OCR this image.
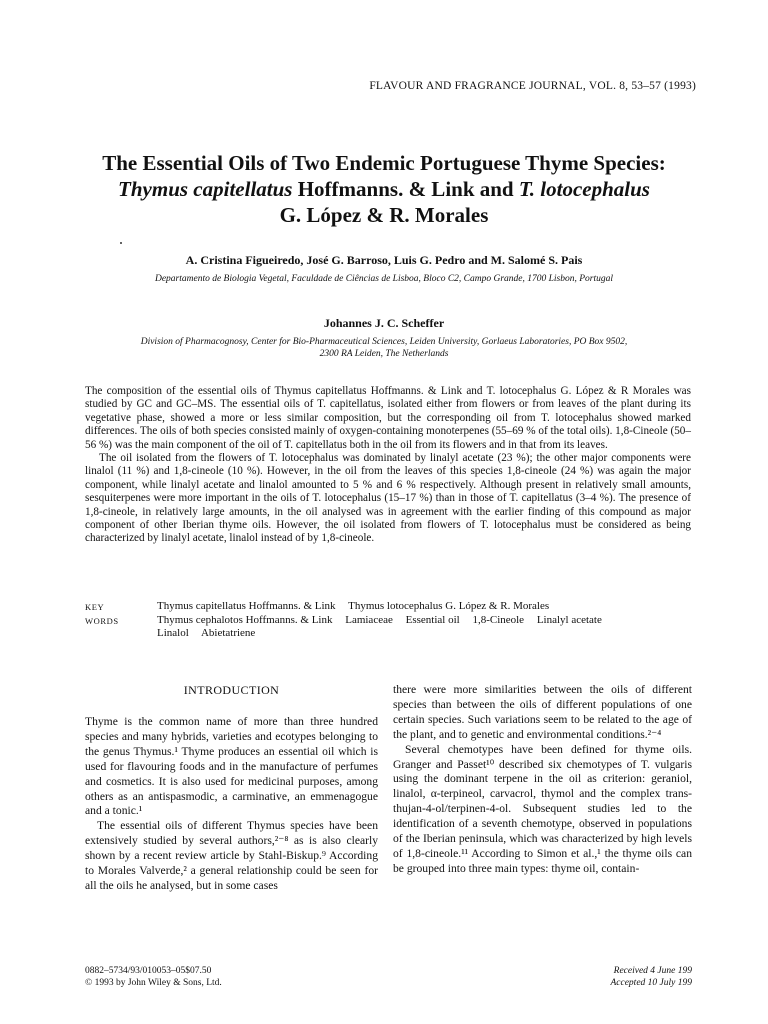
FLAVOUR AND FRAGRANCE JOURNAL, VOL. 8, 53–57 (1993)
The Essential Oils of Two Endemic Portuguese Thyme Species:
Thymus capitellatus Hoffmanns. & Link and T. lotocephalus
G. López & R. Morales
A. Cristina Figueiredo, José G. Barroso, Luis G. Pedro and M. Salomé S. Pais
Departamento de Biologia Vegetal, Faculdade de Ciências de Lisboa, Bloco C2, Campo Grande, 1700 Lisbon, Portugal
Johannes J. C. Scheffer
Division of Pharmacognosy, Center for Bio-Pharmaceutical Sciences, Leiden University, Gorlaeus Laboratories, PO Box 9502,
2300 RA Leiden, The Netherlands

The composition of the essential oils of Thymus capitellatus Hoffmanns. & Link and T. lotocephalus G. López & R Morales was studied by GC and GC–MS. The essential oils of T. capitellatus, isolated either from flowers or from leaves of the plant during its vegetative phase, showed a more or less similar composition, but the corresponding oil from T. lotocephalus showed marked differences. The oils of both species consisted mainly of oxygen-containing monoterpenes (55–69 % of the total oils). 1,8-Cineole (50–56 %) was the main component of the oil of T. capitellatus both in the oil from its flowers and in that from its leaves.

The oil isolated from the flowers of T. lotocephalus was dominated by linalyl acetate (23 %); the other major components were linalol (11 %) and 1,8-cineole (10 %). However, in the oil from the leaves of this species 1,8-cineole (24 %) was again the major component, while linalyl acetate and linalol amounted to 5 % and 6 % respectively. Although present in relatively small amounts, sesquiterpenes were more important in the oils of T. lotocephalus (15–17 %) than in those of T. capitellatus (3–4 %). The presence of 1,8-cineole, in relatively large amounts, in the oil analysed was in agreement with the earlier finding of this compound as major component of other Iberian thyme oils. However, the oil isolated from flowers of T. lotocephalus must be considered as being characterized by linalyl acetate, linalol instead of by 1,8-cineole.

KEY WORDS
Thymus capitellatus Hoffmanns. & Link Thymus lotocephalus G. López & R. Morales
Thymus cephalotos Hoffmanns. & Link Lamiaceae Essential oil 1,8-Cineole Linalyl acetate
Linalol Abietatriene
INTRODUCTION

Thyme is the common name of more than three hundred species and many hybrids, varieties and ecotypes belonging to the genus Thymus.¹ Thyme produces an essential oil which is used for flavouring foods and in the manufacture of perfumes and cosmetics. It is also used for medicinal purposes, among others as an antispasmodic, a carminative, an emmenagogue and a tonic.¹

The essential oils of different Thymus species have been extensively studied by several authors,²⁻⁸ as is also clearly shown by a recent review article by Stahl-Biskup.⁹ According to Morales Valverde,² a general relationship could be seen for all the oils he analysed, but in some cases

there were more similarities between the oils of different species than between the oils of different populations of one certain species. Such variations seem to be related to the age of the plant, and to genetic and environmental conditions.²⁻⁴

Several chemotypes have been defined for thyme oils. Granger and Passet¹⁰ described six chemotypes of T. vulgaris using the dominant terpene in the oil as criterion: geraniol, linalol, α-terpineol, carvacrol, thymol and the complex trans-thujan-4-ol/terpinen-4-ol. Subsequent studies led to the identification of a seventh chemotype, observed in populations of the Iberian peninsula, which was characterized by high levels of 1,8-cineole.¹¹ According to Simon et al.,¹ the thyme oils can be grouped into three main types: thyme oil, contain-

0882–5734/93/010053–05$07.50
© 1993 by John Wiley & Sons, Ltd.
Received 4 June 199
Accepted 10 July 199
